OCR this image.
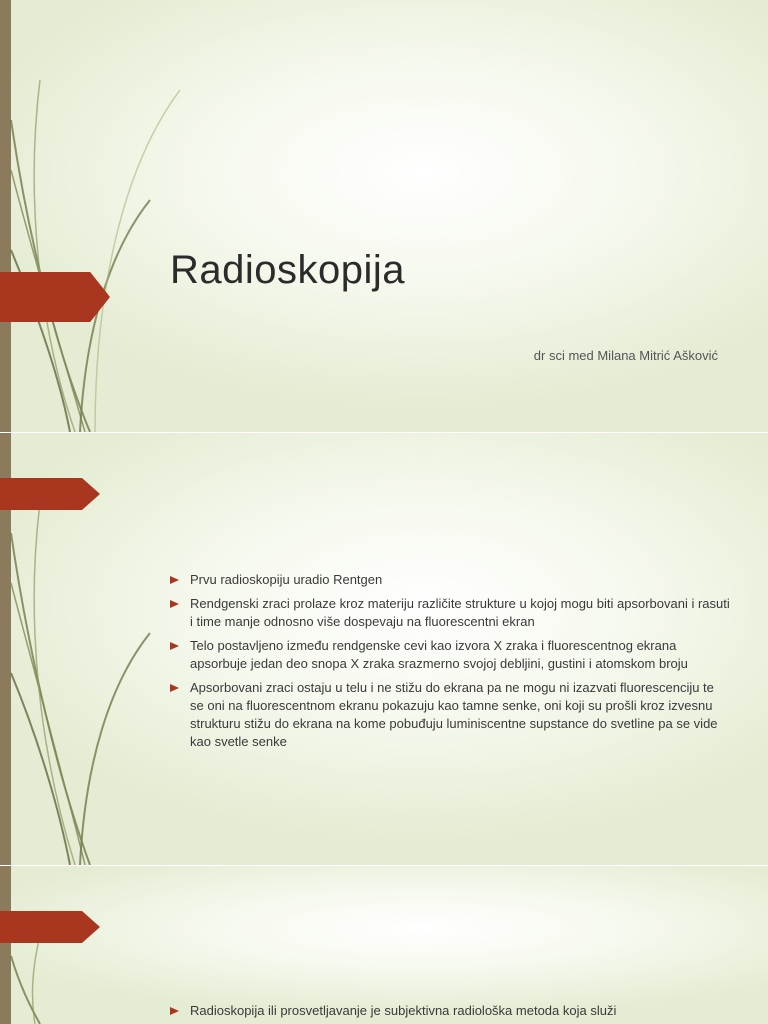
Radioskopija
dr sci med Milana Mitrić Ašković
Prvu radioskopiju uradio Rentgen
Rendgenski zraci prolaze kroz materiju različite strukture u kojoj mogu biti apsorbovani i rasuti i time manje odnosno više dospevaju na fluorescentni ekran
Telo postavljeno između rendgenske cevi kao izvora X zraka i fluorescentnog ekrana apsorbuje jedan deo snopa X zraka srazmerno svojoj debljini, gustini i atomskom broju
Apsorbovani zraci ostaju u telu i ne stižu do ekrana pa ne mogu ni izazvati fluorescenciju te se oni na fluorescentnom ekranu pokazuju kao tamne senke, oni koji su prošli kroz izvesnu strukturu stižu do ekrana na kome pobuđuju luminiscentne supstance do svetline pa se vide kao svetle senke
Radioskopija ili prosvetljavanje je subjektivna radiološka metoda koja služi
